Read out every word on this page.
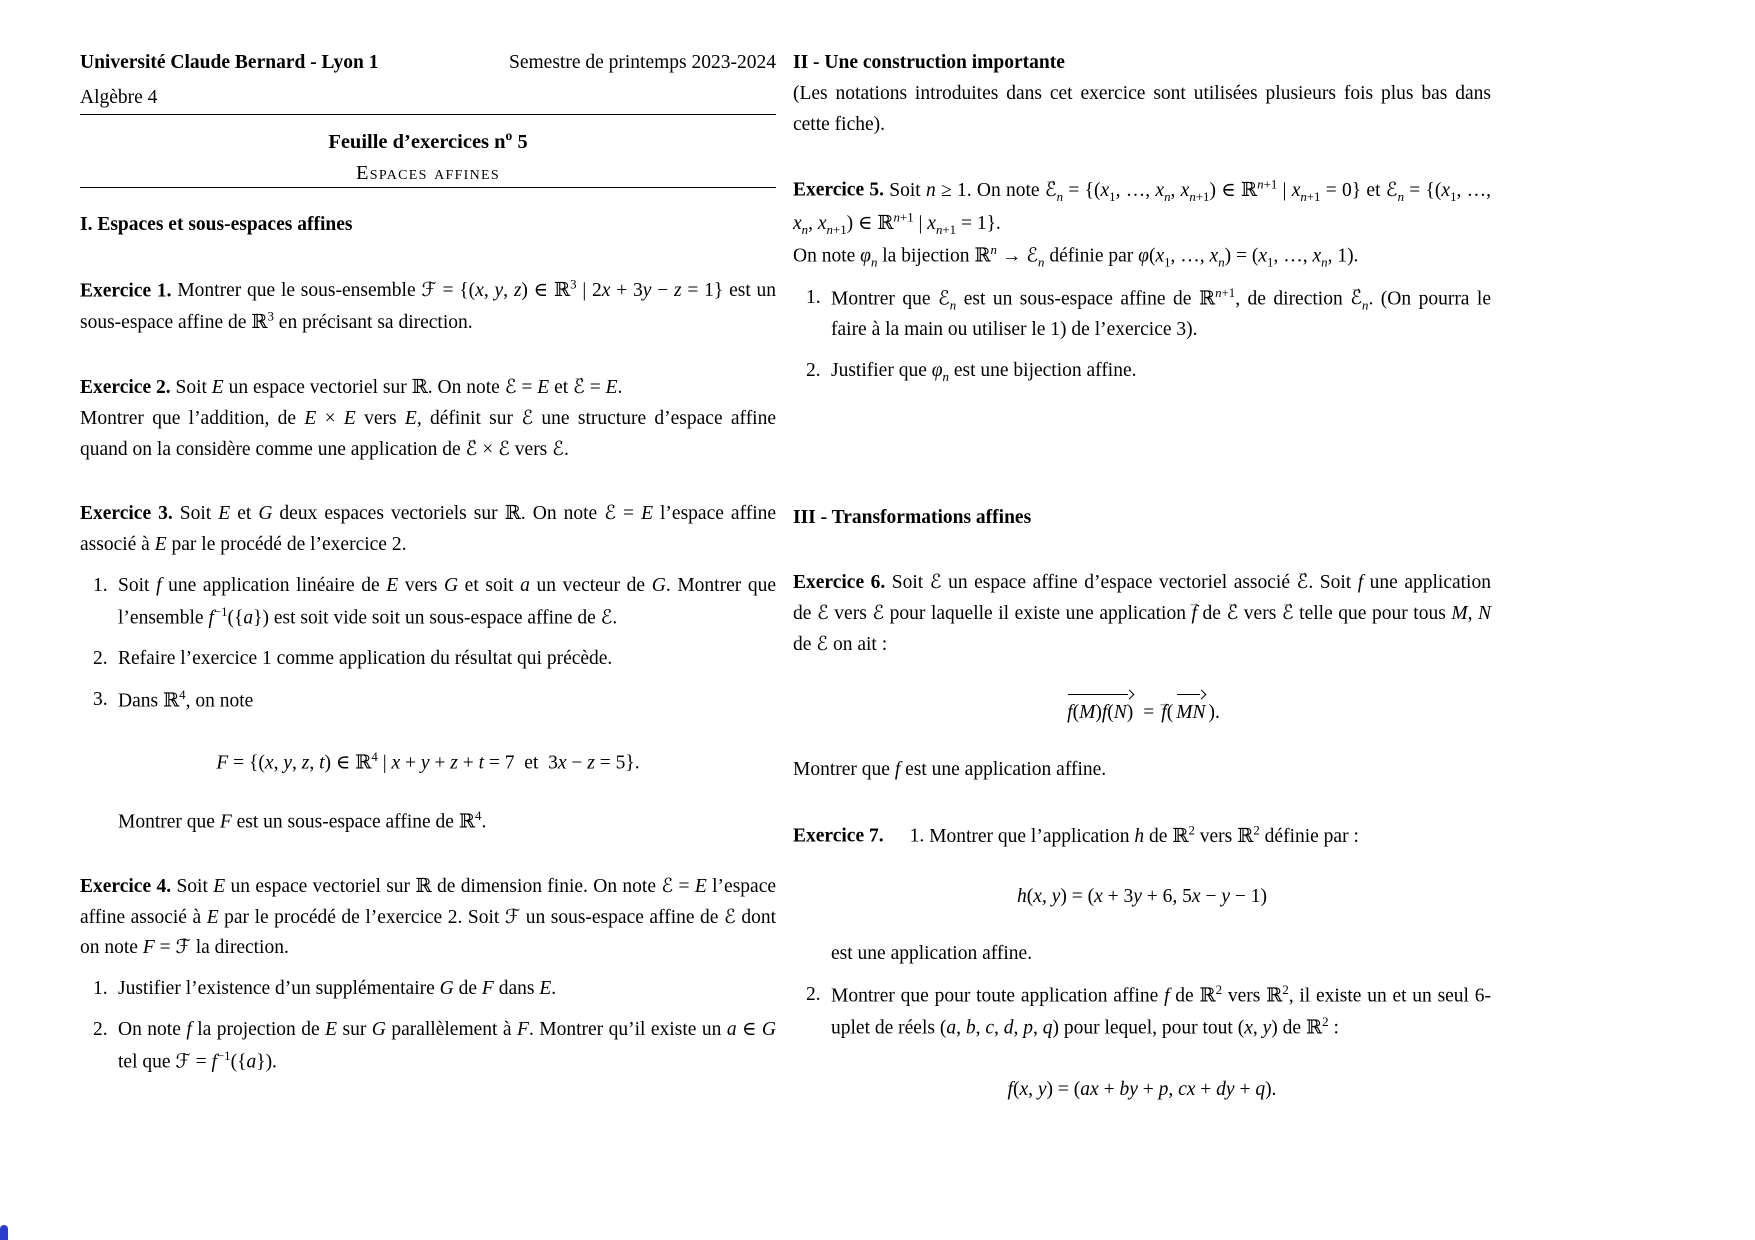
Université Claude Bernard - Lyon 1	Semestre de printemps 2023-2024
Algèbre 4
Feuille d’exercices $n^o$ 5
Espaces affines
I. Espaces et sous-espaces affines

Exercice 1. Montrer que le sous-ensemble ℱ = {(x, y, z) ∈ ℝ$^3$ | 2x + 3y − z = 1} est un sous-espace affine de ℝ$^3$ en précisant sa direction.

Exercice 2. Soit E un espace vectoriel sur ℝ. On note ℰ = E et ℰ → = E.

Montrer que l’addition, de E × E vers E, définit sur ℰ une structure d’espace affine quand on la considère comme une application de ℰ → × ℰ vers ℰ.

Exercice 3. Soit E et G deux espaces vectoriels sur ℝ. On note ℰ = E l’espace affine associé à E par le procédé de l’exercice 2.

1. Soit f une application linéaire de E vers G et soit a un vecteur de G. Montrer que l’ensemble $f^{-1}(\{a\})$ est soit vide soit un sous-espace affine de ℰ.
2. Refaire l’exercice 1 comme application du résultat qui précède.
3. Dans ℝ$^4$, on note
F = {(x, y, z, t) ∈ ℝ$^4$ | x + y + z + t = 7 et 3x − z = 5}.

Montrer que F est un sous-espace affine de ℝ$^4$.

Exercice 4. Soit E un espace vectoriel sur ℝ de dimension finie. On note ℰ = E l’espace affine associé à E par le procédé de l’exercice 2. Soit ℱ un sous-espace affine de ℰ dont on note F = ℱ → la direction.

1. Justifier l’existence d’un supplémentaire G de F dans E.
2. On note f la projection de E sur G parallèlement à F. Montrer qu’il existe un a ∈ G tel que ℱ = $f^{-1}(\{a\})$.
II - Une construction importante

(Les notations introduites dans cet exercice sont utilisées plusieurs fois plus bas dans cette fiche).

Exercice 5. Soit n ≥ 1. On note ℰ $\to_n = \{(x_1$, …, $x_n$, $x_{n+1}$) ∈ ℝ$^{n+1}$ | $x_{n+1} = 0$} et ℰ$_n$ = {($x_1$, …, $x_n$, $x_{n+1}$) ∈ ℝ$^{n+1}$ | $x_{n+1} = 1$}.

On note $\varphi_n$ la bijection ℝ$^n$ → ℰ$_n$ définie par $\varphi(x_1$, …, $x_n) = (x_1$, …, $x_n$, 1).

1. Montrer que ℰ$_n$ est un sous-espace affine de ℝ$^{n+1}$, de direction ℰ $\to_n$. (On pourra le faire à la main ou utiliser le 1) de l’exercice 3).
2. Justifier que $\varphi_n$ est une bijection affine.
III - Transformations affines

Exercice 6. Soit ℰ un espace affine d’espace vectoriel associé ℰ →. Soit f une application de ℰ vers ℰ pour laquelle il existe une application f → de ℰ → vers ℰ → telle que pour tous M, N de ℰ on ait :

f(M)f(N) = f →( MN ).

Montrer que f est une application affine.

Exercice 7. 1. Montrer que l’application h de ℝ$^2$ vers ℝ$^2$ définie par :

h(x, y) = (x + 3y + 6, 5x − y − 1)

est une application affine.

2. Montrer que pour toute application affine f de ℝ$^2$ vers ℝ$^2$, il existe un et un seul 6-uplet de réels (a, b, c, d, p, q) pour lequel, pour tout (x, y) de ℝ$^2$ :
f(x, y) = (ax + by + p, cx + dy + q).
